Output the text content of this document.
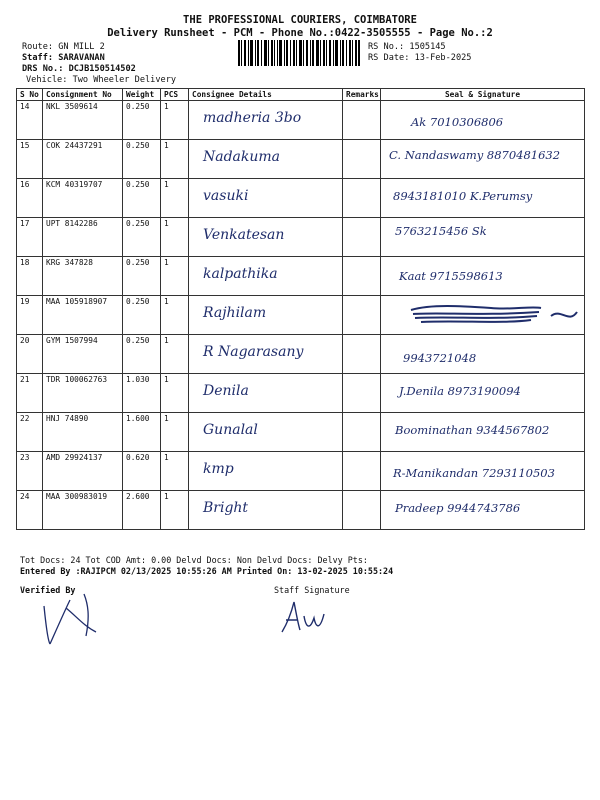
THE PROFESSIONAL COURIERS, COIMBATORE
Delivery Runsheet - PCM - Phone No.:0422-3505555 - Page No.:2
Route: GN MILL 2
Staff: SARAVANAN
DRS No.: DCJB150514502
Vehicle: Two Wheeler Delivery
RS No.: 1505145
RS Date: 13-Feb-2025
S No	Consignment No	Weight	PCS	Consignee Details	Remarks	Seal & Signature
14	NKL 3509614	0.250	1	madheria 3bo		Ak 7010306806

15	COK 24437291	0.250	1	Nadakuma		C. Nandaswamy 8870481632

16	KCM 40319707	0.250	1	vasuki		8943181010 K.Perumsy

17	UPT 8142286	0.250	1	Venkatesan		5763215456 Sk

18	KRG 347828	0.250	1	kalpathika		Kaat 9715598613

19	MAA 105918907	0.250	1	Rajhilam

20	GYM 1507994	0.250	1	R Nagarasany		9943721048

21	TDR 100062763	1.030	1	Denila		J.Denila 8973190094

22	HNJ 74890	1.600	1	Gunalal		Boominathan 9344567802

23	AMD 29924137	0.620	1	kmp		R-Manikandan 7293110503

24	MAA 300983019	2.600	1	Bright		Pradeep 9944743786
Tot Docs: 24 Tot COD Amt: 0.00 Delvd Docs: Non Delvd Docs: Delvy Pts:
Entered By :RAJIPCM 02/13/2025 10:55:26 AM Printed On: 13-02-2025 10:55:24
Verified By	Staff Signature
